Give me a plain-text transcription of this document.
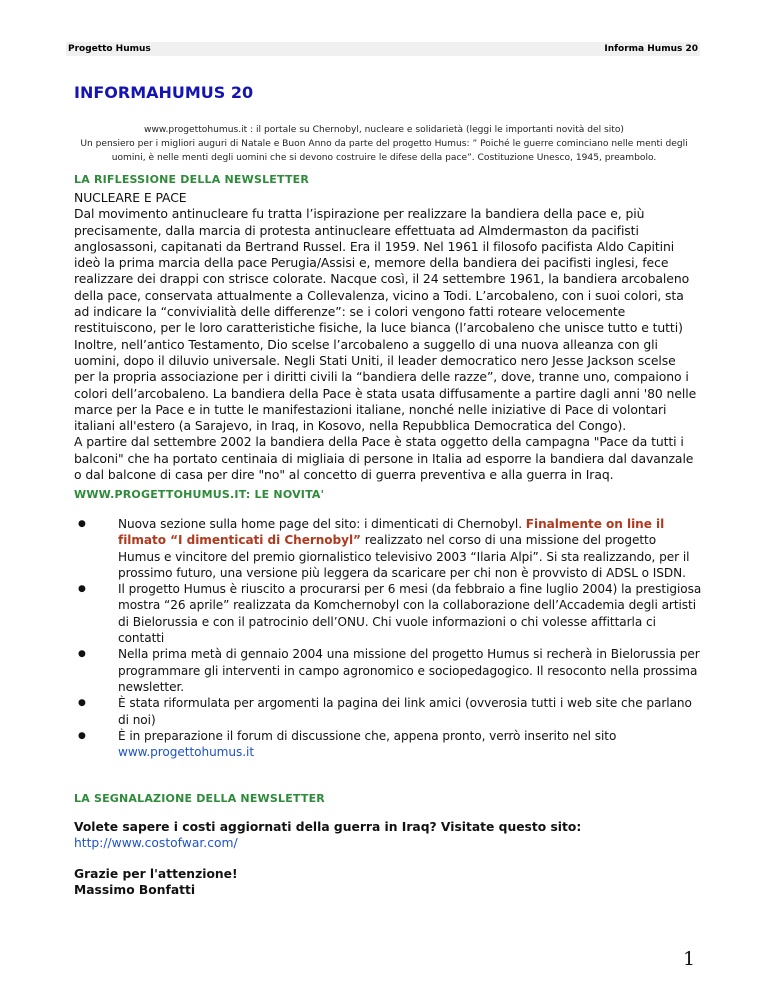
Progetto Humus	Informa Humus 20
INFORMAHUMUS 20

www.progettohumus.it : il portale su Chernobyl, nucleare e solidarietà (leggi le importanti novità del sito)

Un pensiero per i migliori auguri di Natale e Buon Anno da parte del progetto Humus: ” Poiché le guerre cominciano nelle menti degli uomini, è nelle menti degli uomini che si devono costruire le difese della pace”. Costituzione Unesco, 1945, preambolo.

LA RIFLESSIONE DELLA NEWSLETTER

NUCLEARE E PACE

Dal movimento antinucleare fu tratta l’ispirazione per realizzare la bandiera della pace e, più precisamente, dalla marcia di protesta antinucleare effettuata ad Almdermaston da pacifisti anglosassoni, capitanati da Bertrand Russel. Era il 1959. Nel 1961 il filosofo pacifista Aldo Capitini ideò la prima marcia della pace Perugia/Assisi e, memore della bandiera dei pacifisti inglesi, fece realizzare dei drappi con strisce colorate. Nacque così, il 24 settembre 1961, la bandiera arcobaleno della pace, conservata attualmente a Collevalenza, vicino a Todi. L’arcobaleno, con i suoi colori, sta ad indicare la “convivialità delle differenze”: se i colori vengono fatti roteare velocemente restituiscono, per le loro caratteristiche fisiche, la luce bianca (l’arcobaleno che unisce tutto e tutti) Inoltre, nell’antico Testamento, Dio scelse l’arcobaleno a suggello di una nuova alleanza con gli uomini, dopo il diluvio universale. Negli Stati Uniti, il leader democratico nero Jesse Jackson scelse per la propria associazione per i diritti civili la “bandiera delle razze”, dove, tranne uno, compaiono i colori dell’arcobaleno. La bandiera della Pace è stata usata diffusamente a partire dagli anni '80 nelle marce per la Pace e in tutte le manifestazioni italiane, nonché nelle iniziative di Pace di volontari italiani all'estero (a Sarajevo, in Iraq, in Kosovo, nella Repubblica Democratica del Congo).

A partire dal settembre 2002 la bandiera della Pace è stata oggetto della campagna "Pace da tutti i balconi" che ha portato centinaia di migliaia di persone in Italia ad esporre la bandiera dal davanzale o dal balcone di casa per dire "no" al concetto di guerra preventiva e alla guerra in Iraq.

WWW.PROGETTOHUMUS.IT: LE NOVITA'
●	Nuova sezione sulla home page del sito: i dimenticati di Chernobyl. Finalmente on line il filmato “I dimenticati di Chernobyl” realizzato nel corso di una missione del progetto Humus e vincitore del premio giornalistico televisivo 2003 “Ilaria Alpi”. Si sta realizzando, per il prossimo futuro, una versione più leggera da scaricare per chi non è provvisto di ADSL o ISDN.
●	Il progetto Humus è riuscito a procurarsi per 6 mesi (da febbraio a fine luglio 2004) la prestigiosa mostra “26 aprile” realizzata da Komchernobyl con la collaborazione dell’Accademia degli artisti di Bielorussia e con il patrocinio dell’ONU. Chi vuole informazioni o chi volesse affittarla ci contatti
●	Nella prima metà di gennaio 2004 una missione del progetto Humus si recherà in Bielorussia per programmare gli interventi in campo agronomico e sociopedagogico. Il resoconto nella prossima newsletter.
●	È stata riformulata per argomenti la pagina dei link amici (ovverosia tutti i web site che parlano di noi)
●	È in preparazione il forum di discussione che, appena pronto, verrò inserito nel sito
www.progettohumus.it
LA SEGNALAZIONE DELLA NEWSLETTER
Volete sapere i costi aggiornati della guerra in Iraq? Visitate questo sito:
http://www.costofwar.com/
Grazie per l'attenzione!
Massimo Bonfatti
1
